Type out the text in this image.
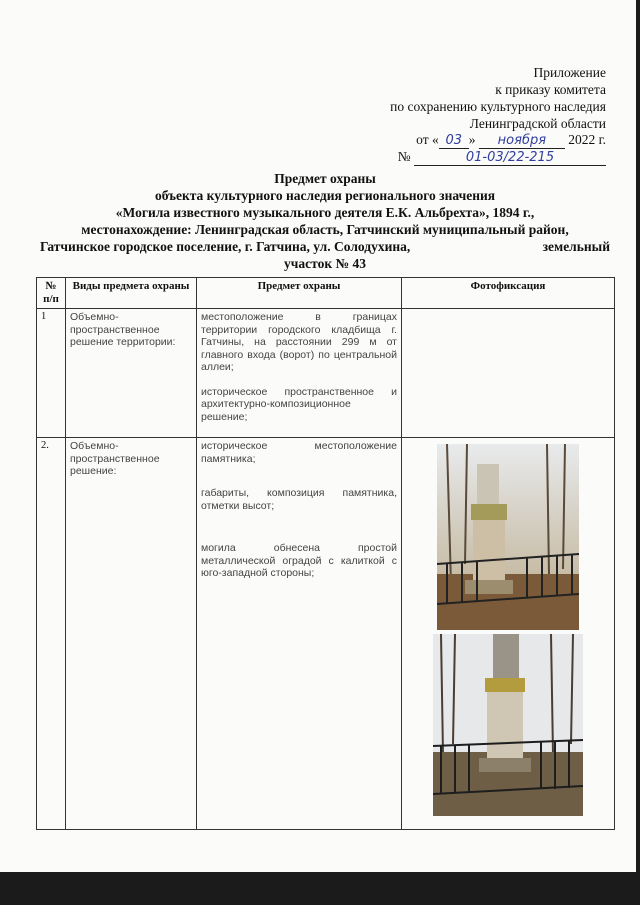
Приложение
к приказу комитета
по сохранению культурного наследия
Ленинградской области
от « 03 » ноября 2022 г.
№	01-03/22-215
Предмет охраны
объекта культурного наследия регионального значения
«Могила известного музыкального деятеля Е.К. Альбрехта», 1894 г.,
местонахождение: Ленинградская область, Гатчинский муниципальный район,
Гатчинское городское поселение, г. Гатчина, ул. Солодухина,	земельный
участок № 43
№ п/п	Виды предмета охраны	Предмет охраны	Фотофиксация
1	Объемно-пространственное решение территории:	местоположение в границах территории городского кладбища г. Гатчины, на расстоянии 299 м от главного входа (ворот) по центральной аллеи;

историческое пространственное и архитектурно-композиционное решение;	

2.	Объемно-пространственное решение:	историческое местоположение памятника;

габариты, композиция памятника, отметки высот;

могила обнесена простой металлической оградой с калиткой с юго-западной стороны;
